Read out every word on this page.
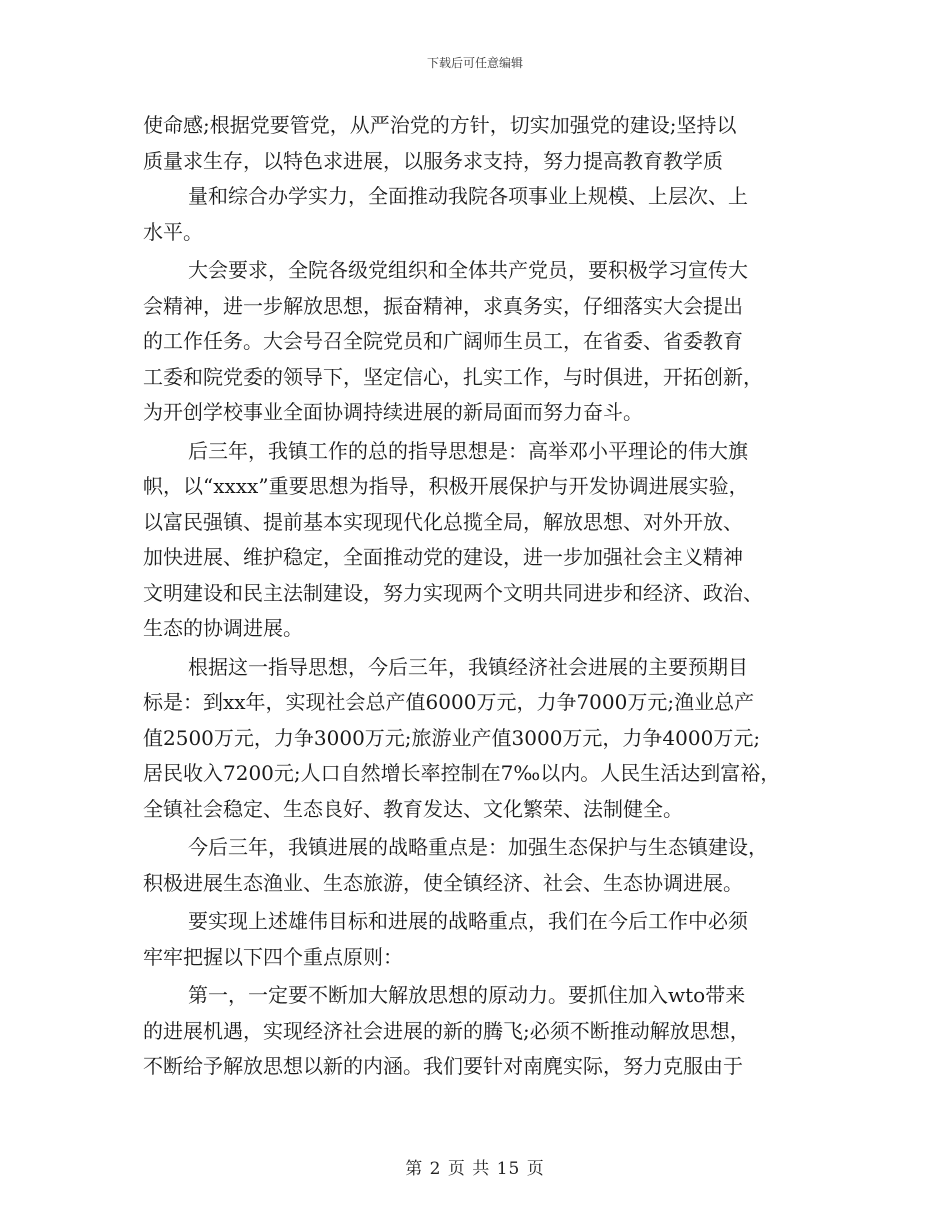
下载后可任意编辑
使命感;根据党要管党，从严治党的方针，切实加强党的建设;坚持以
质量求生存，以特色求进展，以服务求支持，努力提高教育教学质
量和综合办学实力，全面推动我院各项事业上规模、上层次、上
水平。
大会要求，全院各级党组织和全体共产党员，要积极学习宣传大
会精神，进一步解放思想，振奋精神，求真务实，仔细落实大会提出
的工作任务。大会号召全院党员和广阔师生员工，在省委、省委教育
工委和院党委的领导下，坚定信心，扎实工作，与时俱进，开拓创新，
为开创学校事业全面协调持续进展的新局面而努力奋斗。
后三年，我镇工作的总的指导思想是：高举邓小平理论的伟大旗
帜，以“xxxx”重要思想为指导，积极开展保护与开发协调进展实验，
以富民强镇、提前基本实现现代化总揽全局，解放思想、对外开放、
加快进展、维护稳定，全面推动党的建设，进一步加强社会主义精神
文明建设和民主法制建设，努力实现两个文明共同进步和经济、政治、
生态的协调进展。
根据这一指导思想，今后三年，我镇经济社会进展的主要预期目
标是：到xx年，实现社会总产值6000万元，力争7000万元;渔业总产
值2500万元，力争3000万元;旅游业产值3000万元，力争4000万元;
居民收入7200元;人口自然增长率控制在7‰以内。人民生活达到富裕，
全镇社会稳定、生态良好、教育发达、文化繁荣、法制健全。
今后三年，我镇进展的战略重点是：加强生态保护与生态镇建设，
积极进展生态渔业、生态旅游，使全镇经济、社会、生态协调进展。
要实现上述雄伟目标和进展的战略重点，我们在今后工作中必须
牢牢把握以下四个重点原则：
第一，一定要不断加大解放思想的原动力。要抓住加入wto带来
的进展机遇，实现经济社会进展的新的腾飞;必须不断推动解放思想，
不断给予解放思想以新的内涵。我们要针对南麂实际，努力克服由于
第 2 页 共 15 页
